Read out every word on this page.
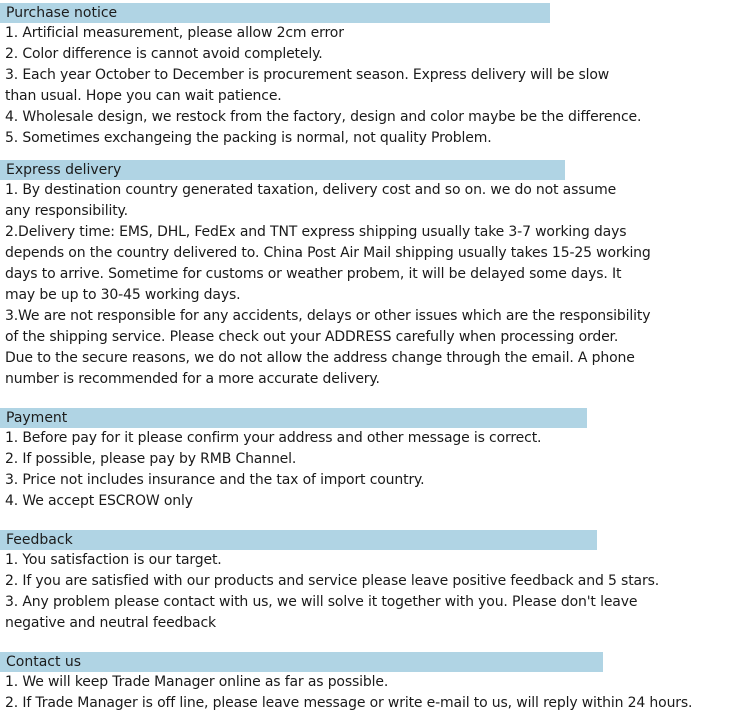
Purchase notice
1. Artificial measurement, please allow 2cm error
2. Color difference is cannot avoid completely.
3. Each year October to December is procurement season. Express delivery will be slow
than usual. Hope you can wait patience.
4. Wholesale design, we restock from the factory, design and color maybe be the difference.
5. Sometimes exchangeing the packing is normal, not quality Problem.
Express delivery
1. By destination country generated taxation, delivery cost and so on. we do not assume
any responsibility.
2.Delivery time: EMS, DHL, FedEx and TNT express shipping usually take 3-7 working days
depends on the country delivered to. China Post Air Mail shipping usually takes 15-25 working
days to arrive. Sometime for customs or weather probem, it will be delayed some days. It
may be up to 30-45 working days.
3.We are not responsible for any accidents, delays or other issues which are the responsibility
of the shipping service. Please check out your ADDRESS carefully when processing order.
Due to the secure reasons, we do not allow the address change through the email. A phone
number is recommended for a more accurate delivery.
Payment
1. Before pay for it please confirm your address and other message is correct.
2. If possible, please pay by RMB Channel.
3. Price not includes insurance and the tax of import country.
4. We accept ESCROW only
Feedback
1. You satisfaction is our target.
2. If you are satisfied with our products and service please leave positive feedback and 5 stars.
3. Any problem please contact with us, we will solve it together with you. Please don't leave
negative and neutral feedback
Contact us
1. We will keep Trade Manager online as far as possible.
2. If Trade Manager is off line, please leave message or write e-mail to us, will reply within 24 hours.
